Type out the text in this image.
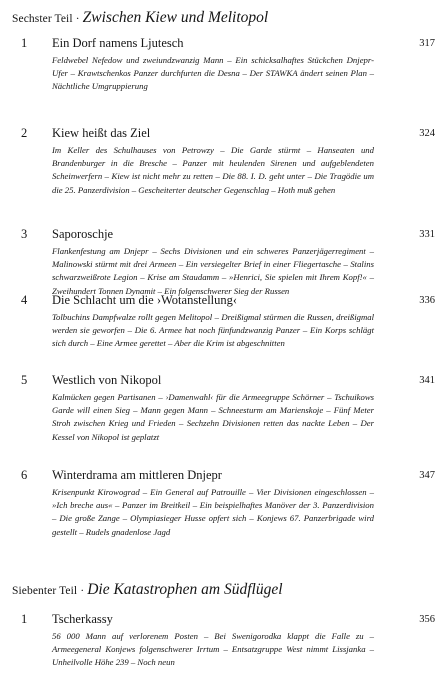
Sechster Teil · Zwischen Kiew und Melitopol
1 Ein Dorf namens Ljutesch	317

Feldwebel Nefedow und zweiundzwanzig Mann – Ein schicksalhaftes Stückchen Dnjepr-Ufer – Krawtschenkos Panzer durchfurten die Desna – Der STAWKA ändert seinen Plan – Nächtliche Umgruppierung

2 Kiew heißt das Ziel	324

Im Keller des Schulhauses von Petrowzy – Die Garde stürmt – Hanseaten und Brandenburger in die Bresche – Panzer mit heulenden Sirenen und aufgeblendeten Scheinwerfern – Kiew ist nicht mehr zu retten – Die 88. I. D. geht unter – Die Tragödie um die 25. Panzerdivision – Gescheiterter deutscher Gegenschlag – Hoth muß gehen

3 Saporoschje	331

Flankenfestung am Dnjepr – Sechs Divisionen und ein schweres Panzerjägerregiment – Malinowski stürmt mit drei Armeen – Ein versiegelter Brief in einer Fliegertasche – Stalins schwarzweißrote Legion – Krise am Staudamm – »Henrici, Sie spielen mit Ihrem Kopf!« – Zweihundert Tonnen Dynamit – Ein folgenschwerer Sieg der Russen

4 Die Schlacht um die ›Wotanstellung‹	336

Tolbuchins Dampfwalze rollt gegen Melitopol – Dreißigmal stürmen die Russen, dreißigmal werden sie geworfen – Die 6. Armee hat noch fünfundzwanzig Panzer – Ein Korps schlägt sich durch – Eine Armee gerettet – Aber die Krim ist abgeschnitten

5 Westlich von Nikopol	341

Kalmücken gegen Partisanen – ›Damenwahl‹ für die Armeegruppe Schörner – Tschuikows Garde will einen Sieg – Mann gegen Mann – Schneesturm am Marienskoje – Fünf Meter Stroh zwischen Krieg und Frieden – Sechzehn Divisionen retten das nackte Leben – Der Kessel von Nikopol ist geplatzt

6 Winterdrama am mittleren Dnjepr	347

Krisenpunkt Kirowograd – Ein General auf Patrouille – Vier Divisionen eingeschlossen – »Ich breche aus« – Panzer im Breitkeil – Ein beispielhaftes Manöver der 3. Panzerdivision – Die große Zange – Olympiasieger Husse opfert sich – Konjews 67. Panzerbrigade wird gestellt – Rudels gnadenlose Jagd

Siebenter Teil · Die Katastrophen am Südflügel
1 Tscherkassy	356

56 000 Mann auf verlorenem Posten – Bei Swenigorodka klappt die Falle zu – Armeegeneral Konjews folgenschwerer Irrtum – Entsatzgruppe West nimmt Lissjanka – Unheilvolle Höhe 239 – Noch neun
